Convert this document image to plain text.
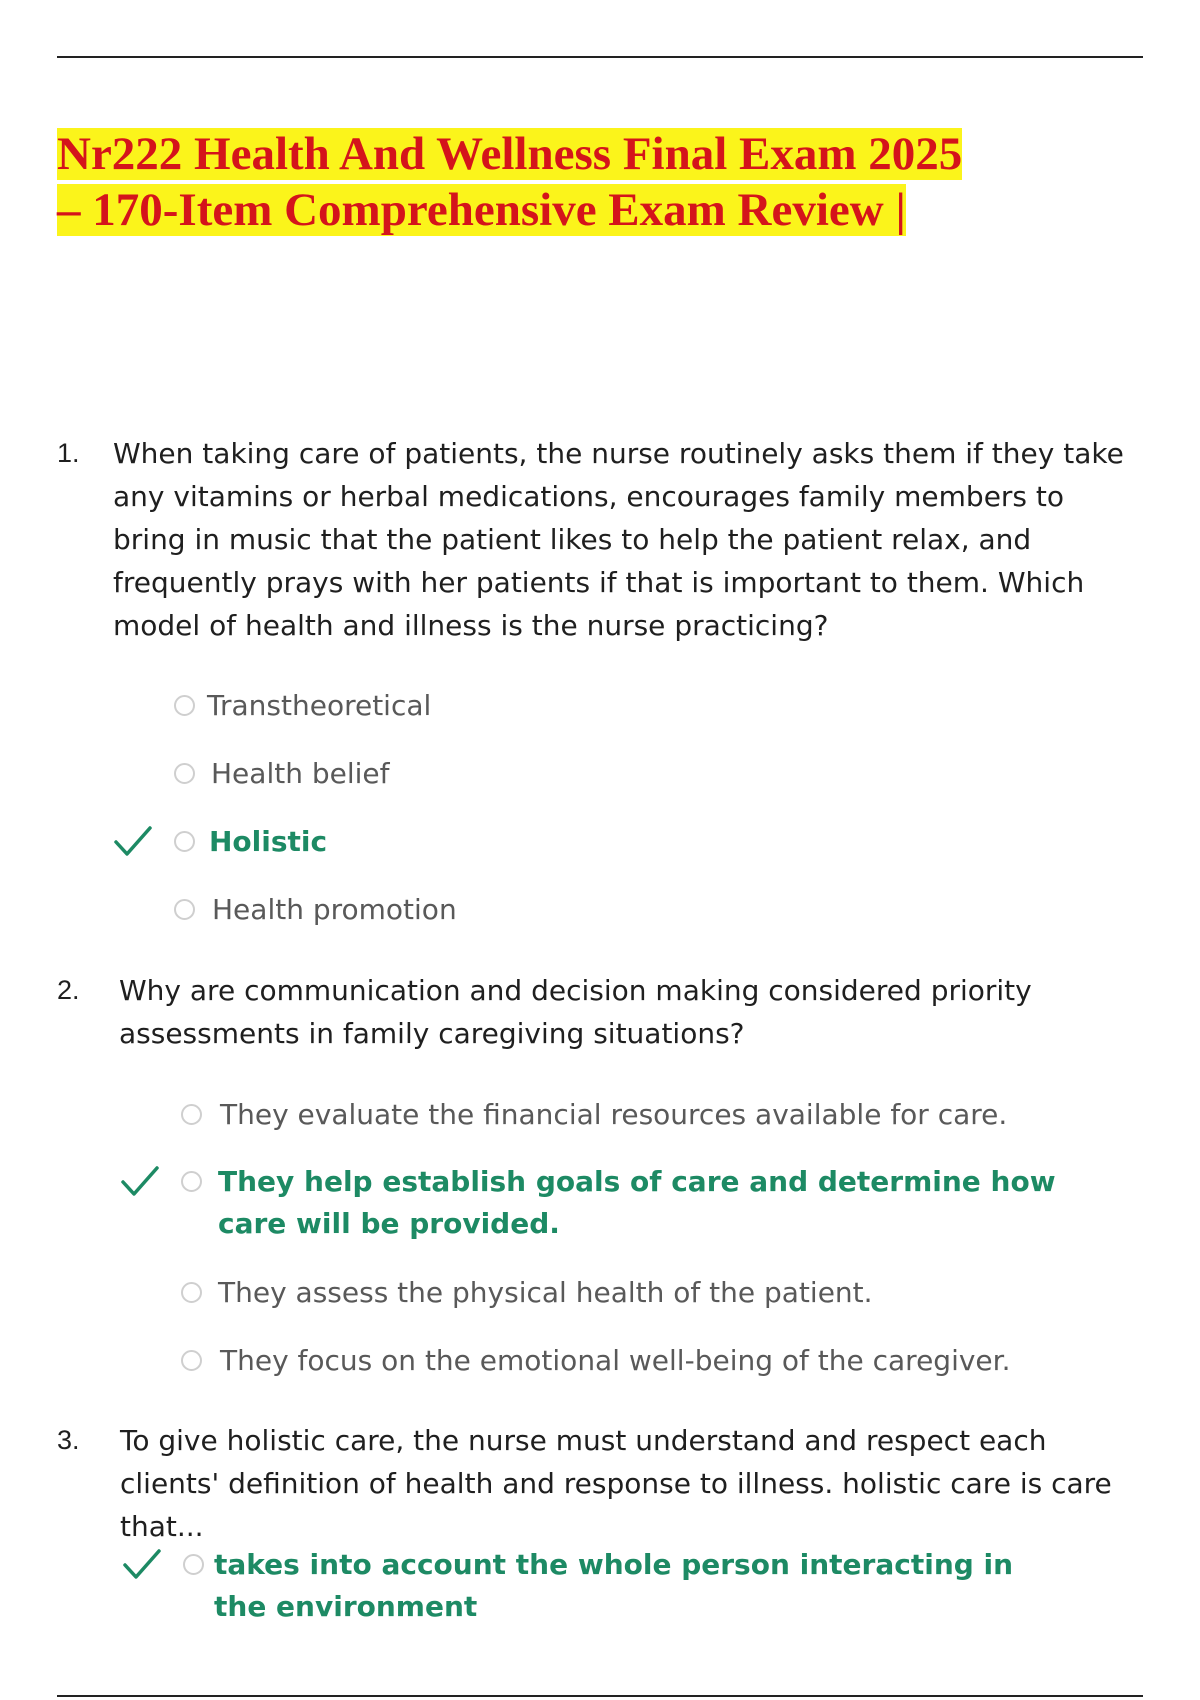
Nr222 Health And Wellness Final Exam 2025
– 170-Item Comprehensive Exam Review |
1. When taking care of patients, the nurse routinely asks them if they take any vitamins or herbal medications, encourages family members to bring in music that the patient likes to help the patient relax, and frequently prays with her patients if that is important to them. Which model of health and illness is the nurse practicing?

Transtheoretical
Health belief
Holistic
Health promotion
2. Why are communication and decision making considered priority assessments in family caregiving situations?

They evaluate the financial resources available for care.
They help establish goals of care and determine how care will be provided.
They assess the physical health of the patient.
They focus on the emotional well-being of the caregiver.
3. To give holistic care, the nurse must understand and respect each clients' definition of health and response to illness. holistic care is care that...

takes into account the whole person interacting in the environment
